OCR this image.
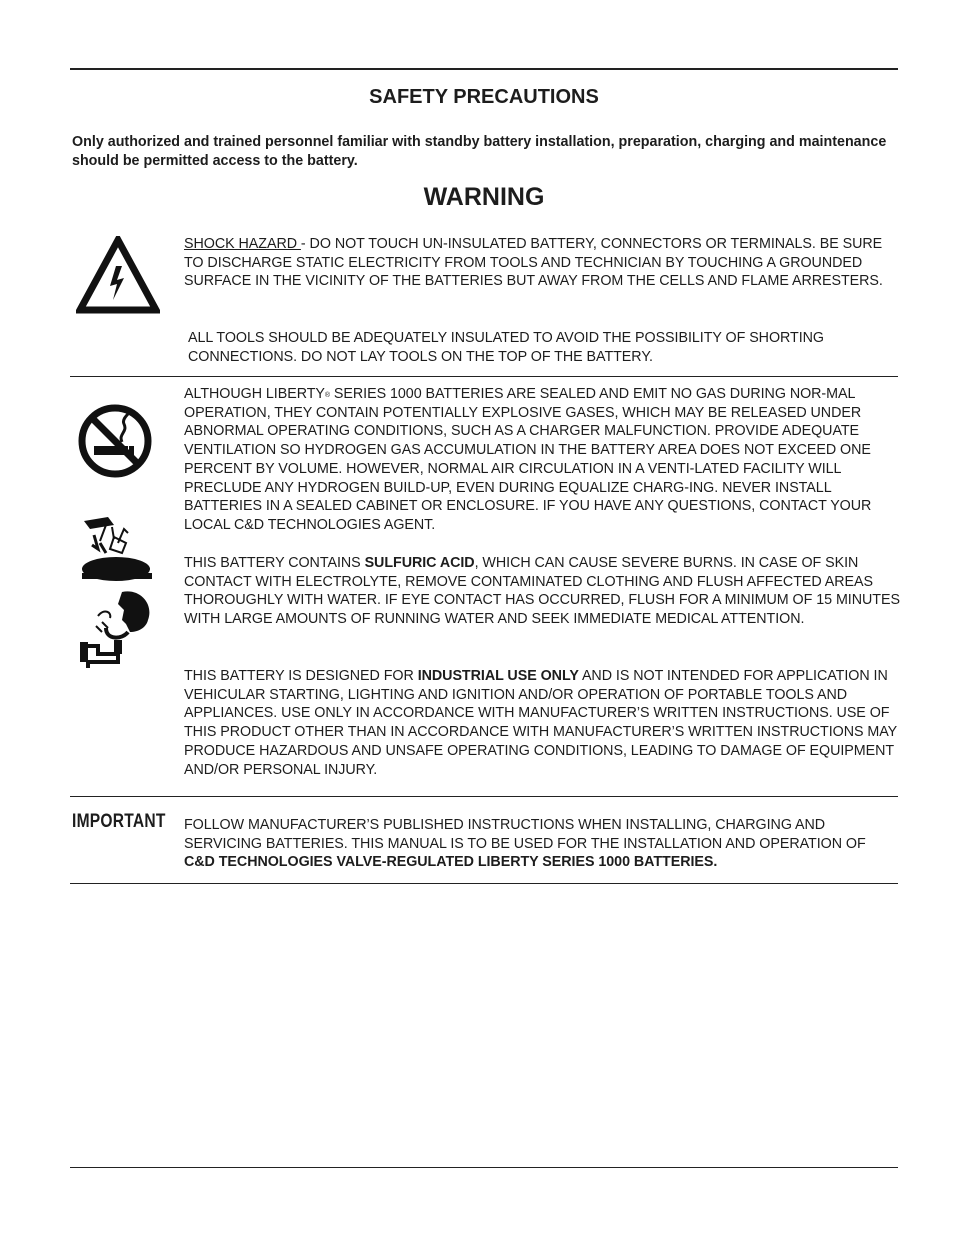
SAFETY PRECAUTIONS
Only authorized and trained personnel familiar with standby battery installation, preparation, charging and maintenance should be permitted access to the battery.
WARNING

SHOCK HAZARD - DO NOT TOUCH UN-INSULATED BATTERY, CONNECTORS OR TERMINALS. BE SURE TO DISCHARGE STATIC ELECTRICITY FROM TOOLS AND TECHNICIAN BY TOUCHING A GROUNDED SURFACE IN THE VICINITY OF THE BATTERIES BUT AWAY FROM THE CELLS AND FLAME ARRESTERS.

ALL TOOLS SHOULD BE ADEQUATELY INSULATED TO AVOID THE POSSIBILITY OF SHORTING CONNECTIONS. DO NOT LAY TOOLS ON THE TOP OF THE BATTERY.

ALTHOUGH LIBERTY® SERIES 1000 BATTERIES ARE SEALED AND EMIT NO GAS DURING NOR-MAL OPERATION, THEY CONTAIN POTENTIALLY EXPLOSIVE GASES, WHICH MAY BE RELEASED UNDER ABNORMAL OPERATING CONDITIONS, SUCH AS A CHARGER MALFUNCTION. PROVIDE ADEQUATE VENTILATION SO HYDROGEN GAS ACCUMULATION IN THE BATTERY AREA DOES NOT EXCEED ONE PERCENT BY VOLUME. HOWEVER, NORMAL AIR CIRCULATION IN A VENTI-LATED FACILITY WILL PRECLUDE ANY HYDROGEN BUILD-UP, EVEN DURING EQUALIZE CHARG-ING. NEVER INSTALL BATTERIES IN A SEALED CABINET OR ENCLOSURE. IF YOU HAVE ANY QUESTIONS, CONTACT YOUR LOCAL C&D TECHNOLOGIES AGENT.

THIS BATTERY CONTAINS SULFURIC ACID, WHICH CAN CAUSE SEVERE BURNS. IN CASE OF SKIN CONTACT WITH ELECTROLYTE, REMOVE CONTAMINATED CLOTHING AND FLUSH AFFECTED AREAS THOROUGHLY WITH WATER. IF EYE CONTACT HAS OCCURRED, FLUSH FOR A MINIMUM OF 15 MINUTES WITH LARGE AMOUNTS OF RUNNING WATER AND SEEK IMMEDIATE MEDICAL ATTENTION.

THIS BATTERY IS DESIGNED FOR INDUSTRIAL USE ONLY AND IS NOT INTENDED FOR APPLICATION IN VEHICULAR STARTING, LIGHTING AND IGNITION AND/OR OPERATION OF PORTABLE TOOLS AND APPLIANCES. USE ONLY IN ACCORDANCE WITH MANUFACTURER’S WRITTEN INSTRUCTIONS. USE OF THIS PRODUCT OTHER THAN IN ACCORDANCE WITH MANUFACTURER’S WRITTEN INSTRUCTIONS MAY PRODUCE HAZARDOUS AND UNSAFE OPERATING CONDITIONS, LEADING TO DAMAGE OF EQUIPMENT AND/OR PERSONAL INJURY.

IMPORTANT FOLLOW MANUFACTURER’S PUBLISHED INSTRUCTIONS WHEN INSTALLING, CHARGING AND SERVICING BATTERIES. THIS MANUAL IS TO BE USED FOR THE INSTALLATION AND OPERATION OF C&D TECHNOLOGIES VALVE-REGULATED LIBERTY SERIES 1000 BATTERIES.
